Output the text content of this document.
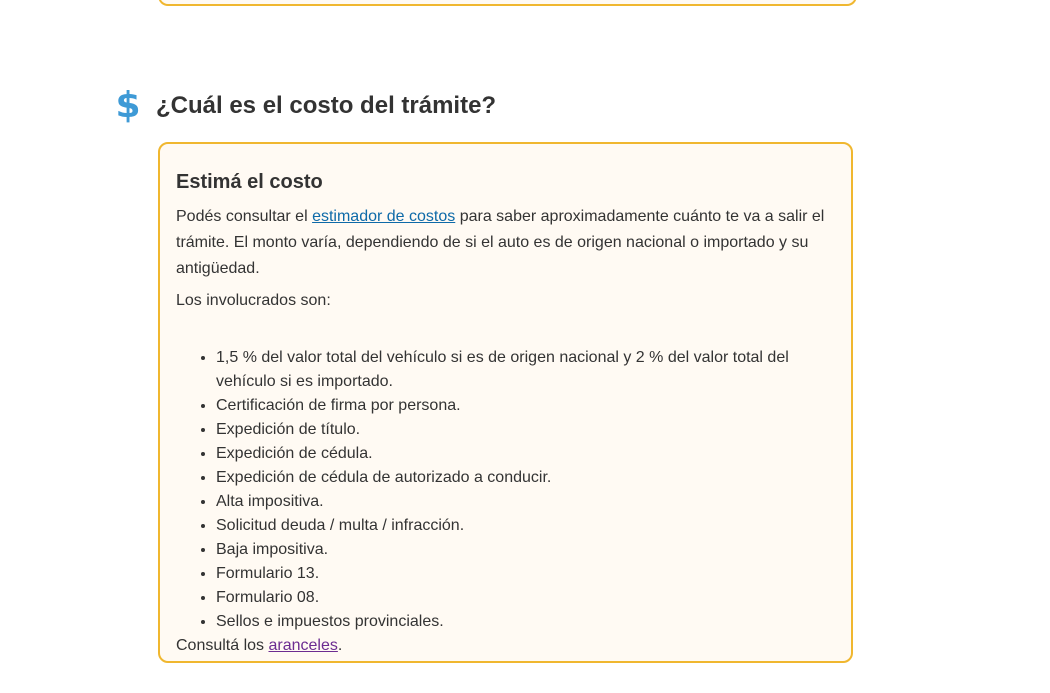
$ ¿Cuál es el costo del trámite?
Estimá el costo

Podés consultar el estimador de costos para saber aproximadamente cuánto te va a salir el trámite. El monto varía, dependiendo de si el auto es de origen nacional o importado y su antigüedad.

Los involucrados son:

• 1,5 % del valor total del vehículo si es de origen nacional y 2 % del valor total del vehículo si es importado.
• Certificación de firma por persona.
• Expedición de título.
• Expedición de cédula.
• Expedición de cédula de autorizado a conducir.
• Alta impositiva.
• Solicitud deuda / multa / infracción.
• Baja impositiva.
• Formulario 13.
• Formulario 08.
• Sellos e impuestos provinciales.

Consultá los aranceles.
